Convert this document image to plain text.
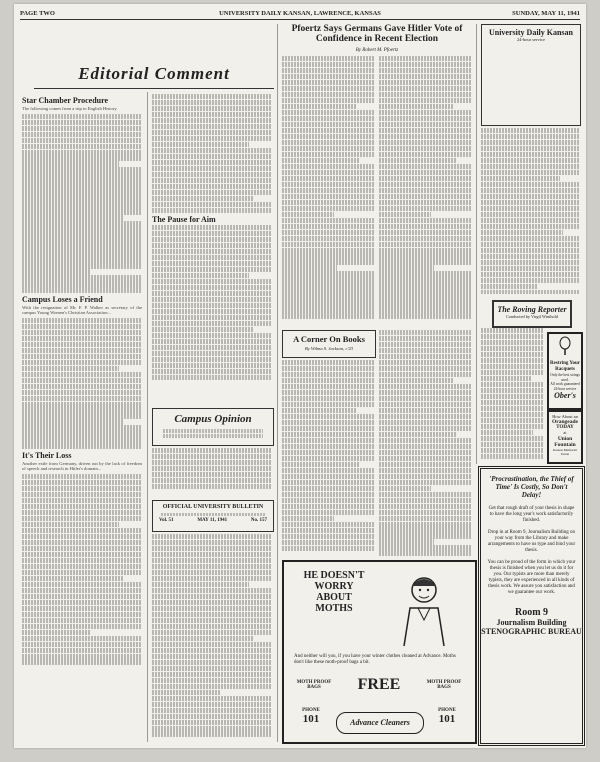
PAGE TWO	UNIVERSITY DAILY KANSAN, LAWRENCE, KANSAS	SUNDAY, MAY 11, 1941
Editorial Comment
Star Chamber Procedure

The following comes from a trip to English History.

Campus Loses a Friend

With the resignation of Mr. F. P. Walker as secretary of the campus Young Women's Christian Association...

It's Their Loss

Another exile from Germany, driven out by the lack of freedom of speech and research in Hitler's domain...

The Pause for Aim
Campus Opinion
OFFICIAL UNIVERSITY BULLETIN
Vol. 51	MAY 11, 1941	No. 157
Pfoertz Says Germans Gave Hitler Vote of Confidence in Recent Election
By Robert M. Pfoertz
A Corner On Books
By Wilma S. Jackson, c'23
University Daily Kansan
24-hour service
The Roving Reporter
Conducted by Virgil Winthold
Restring Your Racquets
Only the best strings used.
All work guaranteed
24-hour service
Ober's
How About an
Orangeade
TODAY
at
Union Fountain
Kansas Memorial Union
HE DOESN'T
WORRY
ABOUT
MOTHS
And neither will you, if you have your winter clothes cleaned at Advance. Moths don't like these moth-proof bags a bit.
MOTH PROOF BAGS	FREE	MOTH PROOF BAGS
PHONE
101	Advance Cleaners
PHONE
101
'Procrastination, the Thief of Time' Is Costly, So Don't Delay!
Get that rough draft of your thesis in shape to have the long year's work satisfactorily finished.
Drop in at Room 9, Journalism Building on your way from the Library and make arrangements to have us type and bind your thesis.
You can be proud of the form in which your thesis is finished when you let us do it for you. Our typists are more than merely typists, they are experienced in all kinds of thesis work. We assure you satisfaction and we guarantee our work.
Room 9
Journalism Building
STENOGRAPHIC BUREAU
